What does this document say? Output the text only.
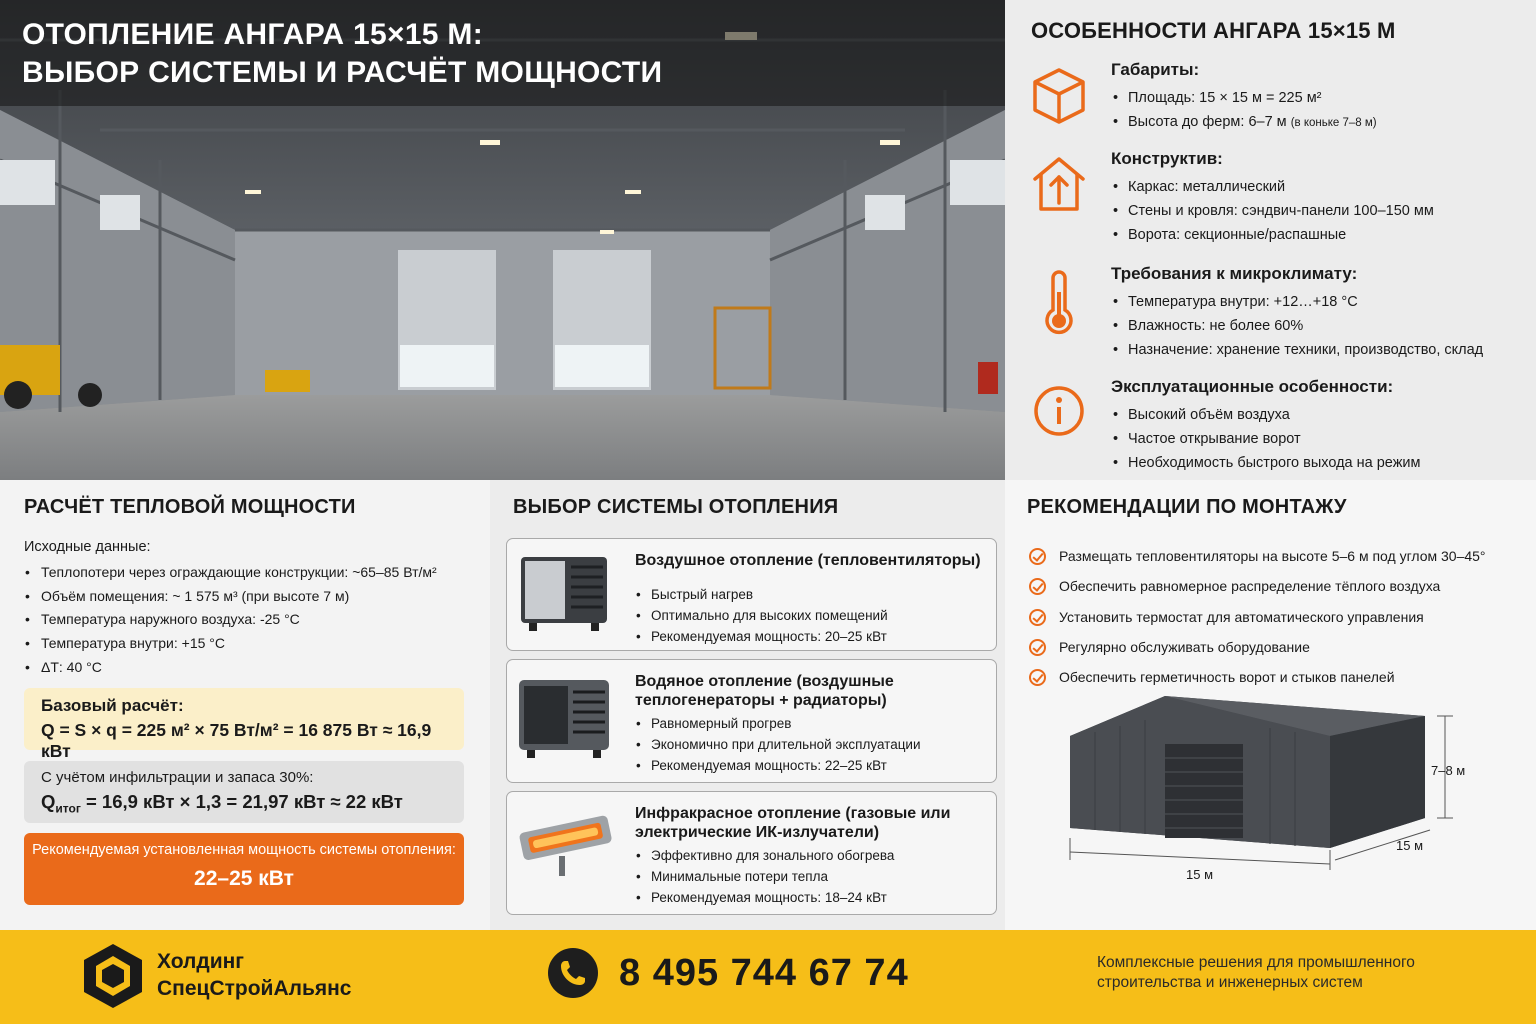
ОТОПЛЕНИЕ АНГАРА 15×15 М:
ВЫБОР СИСТЕМЫ И РАСЧЁТ МОЩНОСТИ
ОСОБЕННОСТИ АНГАРА 15×15 М
Габариты:
• Площадь: 15 × 15 м = 225 м²
• Высота до ферм: 6–7 м (в коньке 7–8 м)
Конструктив:
• Каркас: металлический
• Стены и кровля: сэндвич-панели 100–150 мм
• Ворота: секционные/распашные
Требования к микроклимату:
• Температура внутри: +12…+18 °С
• Влажность: не более 60%
• Назначение: хранение техники, производство, склад
Эксплуатационные особенности:
• Высокий объём воздуха
• Частое открывание ворот
• Необходимость быстрого выхода на режим
РАСЧЁТ ТЕПЛОВОЙ МОЩНОСТИ
Исходные данные:
• Теплопотери через ограждающие конструкции: ~65–85 Вт/м²
• Объём помещения: ~ 1 575 м³ (при высоте 7 м)
• Температура наружного воздуха: -25 °С
• Температура внутри: +15 °С
• ΔТ: 40 °С
Базовый расчёт:
Q = S × q = 225 м² × 75 Вт/м² = 16 875 Вт ≈ 16,9 кВт
С учётом инфильтрации и запаса 30%:
$Q_{итог} = 16,9$ кВт × 1,3 = 21,97 кВт ≈ 22 кВт
Рекомендуемая установленная мощность системы отопления:
22–25 кВт
ВЫБОР СИСТЕМЫ ОТОПЛЕНИЯ
Воздушное отопление (тепловентиляторы)
• Быстрый нагрев
• Оптимально для высоких помещений
• Рекомендуемая мощность: 20–25 кВт
Водяное отопление (воздушные теплогенераторы + радиаторы)
• Равномерный прогрев
• Экономично при длительной эксплуатации
• Рекомендуемая мощность: 22–25 кВт
Инфракрасное отопление (газовые или электрические ИК-излучатели)
• Эффективно для зонального обогрева
• Минимальные потери тепла
• Рекомендуемая мощность: 18–24 кВт
РЕКОМЕНДАЦИИ ПО МОНТАЖУ
Размещать тепловентиляторы на высоте 5–6 м под углом 30–45°
Обеспечить равномерное распределение тёплого воздуха
Установить термостат для автоматического управления
Регулярно обслуживать оборудование
Обеспечить герметичность ворот и стыков панелей
7–8 м
15 м
15 м
Холдинг
СпецСтройАльянс	8 495 744 67 74	Комплексные решения для промышленного
строительства и инженерных систем
